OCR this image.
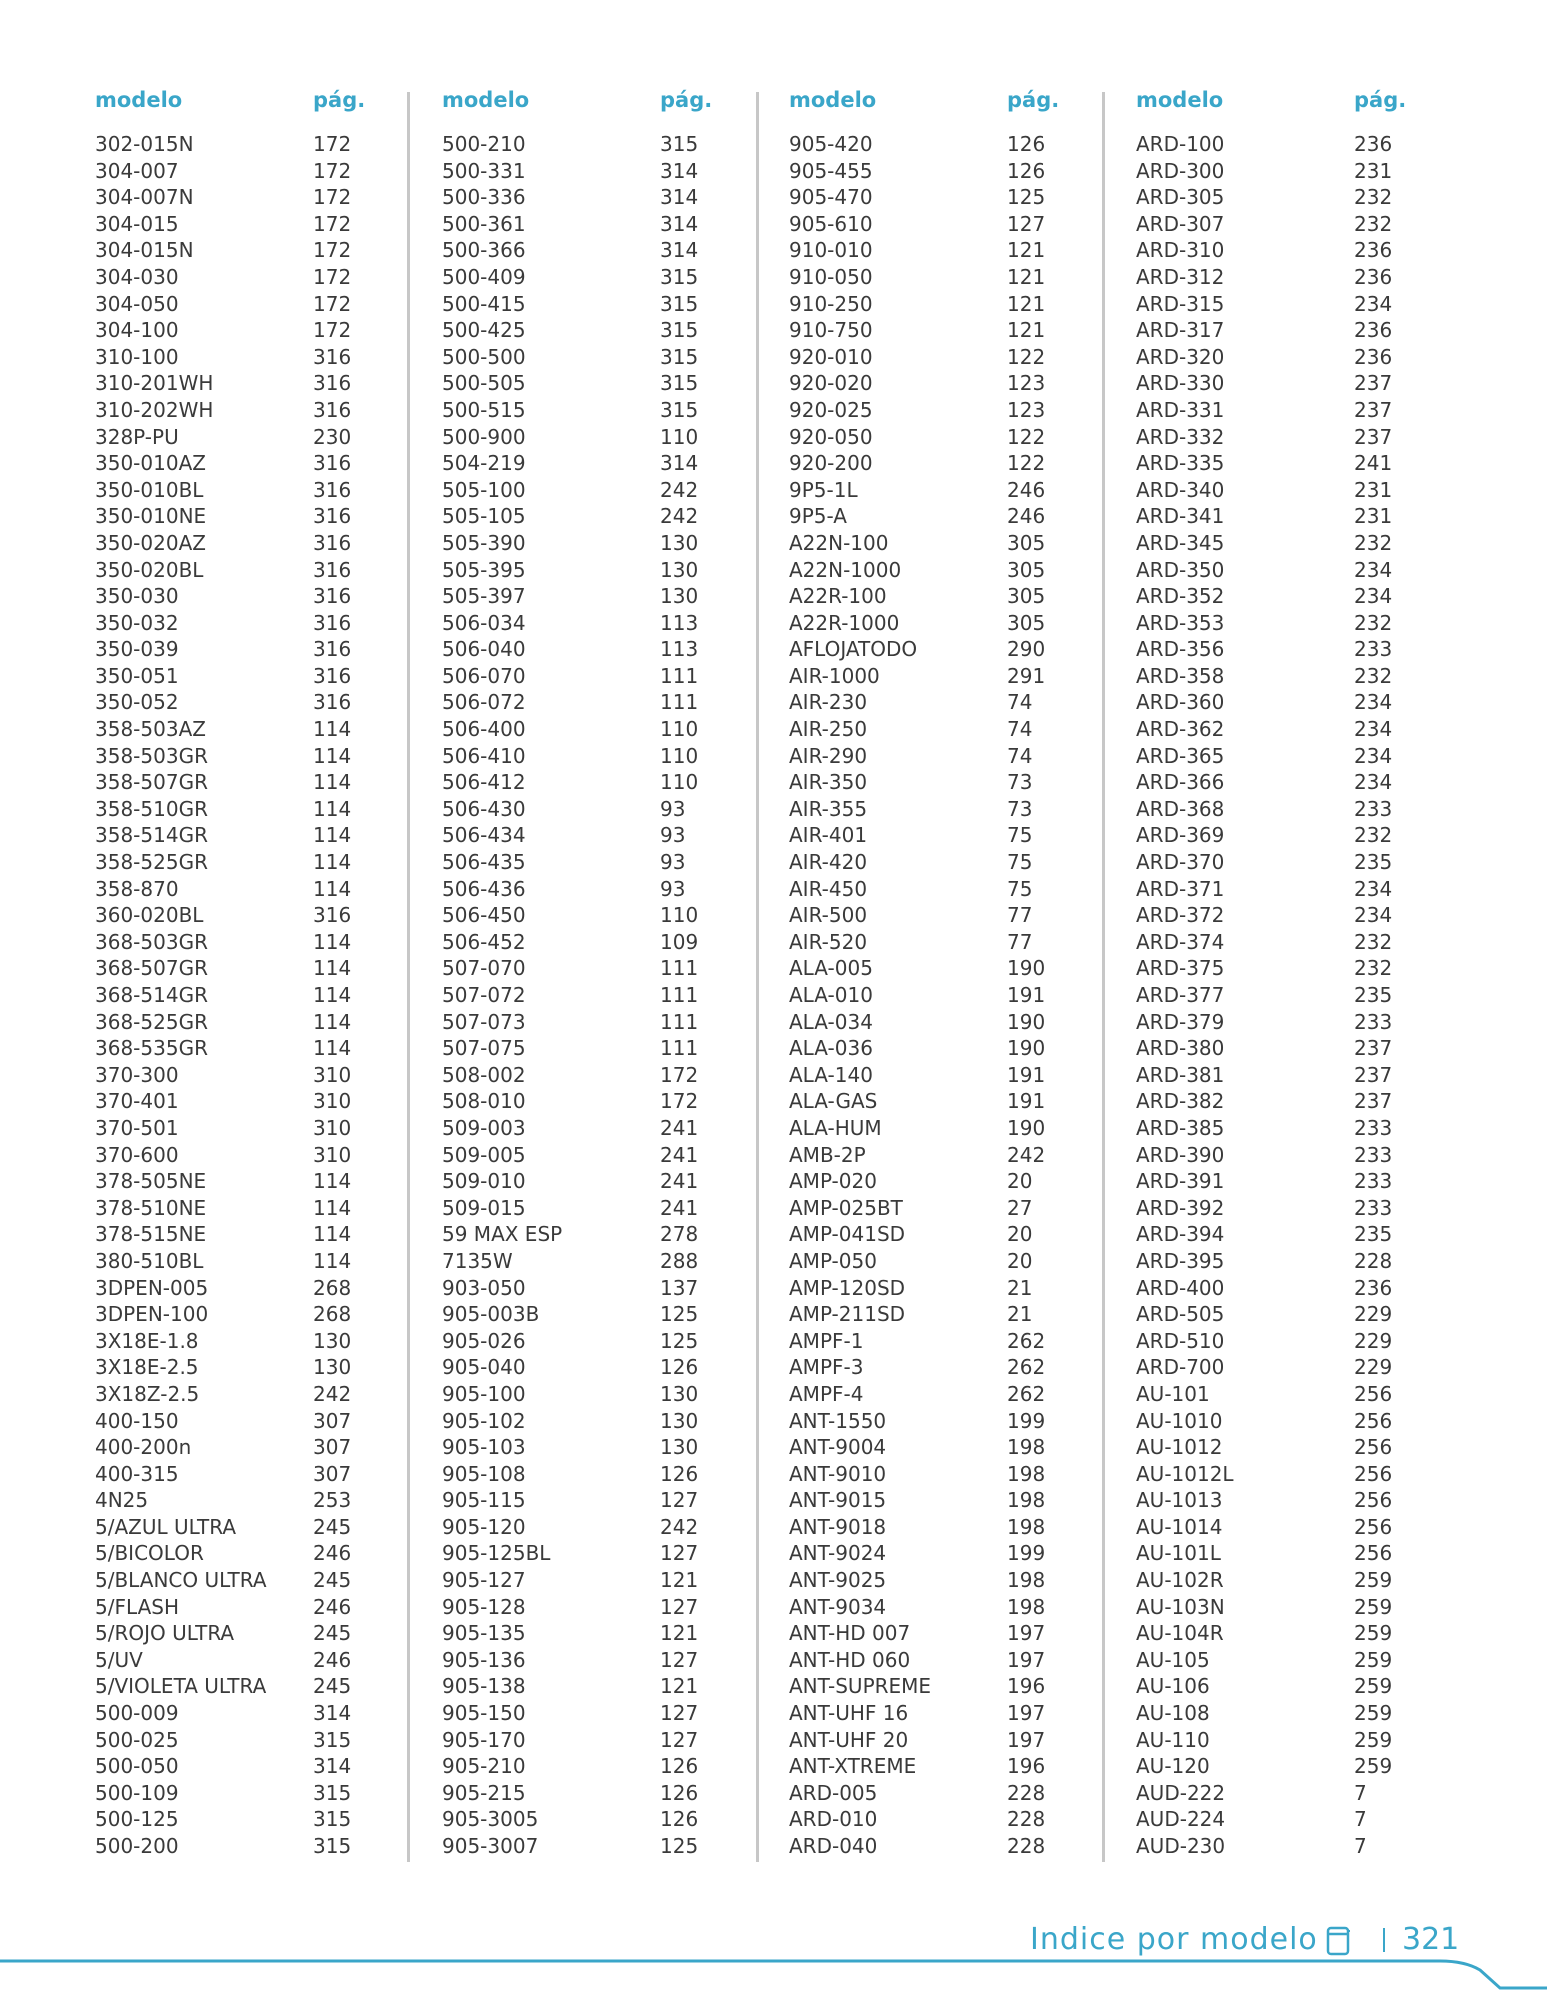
modelo	pág.
302-015N	172
304-007	172
304-007N	172
304-015	172
304-015N	172
304-030	172
304-050	172
304-100	172
310-100	316
310-201WH	316
310-202WH	316
328P-PU	230
350-010AZ	316
350-010BL	316
350-010NE	316
350-020AZ	316
350-020BL	316
350-030	316
350-032	316
350-039	316
350-051	316
350-052	316
358-503AZ	114
358-503GR	114
358-507GR	114
358-510GR	114
358-514GR	114
358-525GR	114
358-870	114
360-020BL	316
368-503GR	114
368-507GR	114
368-514GR	114
368-525GR	114
368-535GR	114
370-300	310
370-401	310
370-501	310
370-600	310
378-505NE	114
378-510NE	114
378-515NE	114
380-510BL	114
3DPEN-005	268
3DPEN-100	268
3X18E-1.8	130
3X18E-2.5	130
3X18Z-2.5	242
400-150	307
400-200n	307
400-315	307
4N25	253
5/AZUL ULTRA	245
5/BICOLOR	246
5/BLANCO ULTRA 245
5/FLASH	246
5/ROJO ULTRA	245
5/UV	246
5/VIOLETA ULTRA 245
500-009	314
500-025	315
500-050	314
500-109	315
500-125	315
500-200	315
modelo	pág.
500-210	315
500-331	314
500-336	314
500-361	314
500-366	314
500-409	315
500-415	315
500-425	315
500-500	315
500-505	315
500-515	315
500-900	110
504-219	314
505-100	242
505-105	242
505-390	130
505-395	130
505-397	130
506-034	113
506-040	113
506-070	111
506-072	111
506-400	110
506-410	110
506-412	110
506-430	93
506-434	93
506-435	93
506-436	93
506-450	110
506-452	109
507-070	111
507-072	111
507-073	111
507-075	111
508-002	172
508-010	172
509-003	241
509-005	241
509-010	241
509-015	241
59 MAX ESP	278
7135W	288
903-050	137
905-003B	125
905-026	125
905-040	126
905-100	130
905-102	130
905-103	130
905-108	126
905-115	127
905-120	242
905-125BL	127
905-127	121
905-128	127
905-135	121
905-136	127
905-138	121
905-150	127
905-170	127
905-210	126
905-215	126
905-3005	126
905-3007	125
modelo	pág.
905-420	126
905-455	126
905-470	125
905-610	127
910-010	121
910-050	121
910-250	121
910-750	121
920-010	122
920-020	123
920-025	123
920-050	122
920-200	122
9P5-1L	246
9P5-A	246
A22N-100	305
A22N-1000	305
A22R-100	305
A22R-1000	305
AFLOJATODO	290
AIR-1000	291
AIR-230	74
AIR-250	74
AIR-290	74
AIR-350	73
AIR-355	73
AIR-401	75
AIR-420	75
AIR-450	75
AIR-500	77
AIR-520	77
ALA-005	190
ALA-010	191
ALA-034	190
ALA-036	190
ALA-140	191
ALA-GAS	191
ALA-HUM	190
AMB-2P	242
AMP-020	20
AMP-025BT	27
AMP-041SD	20
AMP-050	20
AMP-120SD	21
AMP-211SD	21
AMPF-1	262
AMPF-3	262
AMPF-4	262
ANT-1550	199
ANT-9004	198
ANT-9010	198
ANT-9015	198
ANT-9018	198
ANT-9024	199
ANT-9025	198
ANT-9034	198
ANT-HD 007	197
ANT-HD 060	197
ANT-SUPREME	196
ANT-UHF 16	197
ANT-UHF 20	197
ANT-XTREME	196
ARD-005	228
ARD-010	228
ARD-040	228
modelo	pág.
ARD-100	236
ARD-300	231
ARD-305	232
ARD-307	232
ARD-310	236
ARD-312	236
ARD-315	234
ARD-317	236
ARD-320	236
ARD-330	237
ARD-331	237
ARD-332	237
ARD-335	241
ARD-340	231
ARD-341	231
ARD-345	232
ARD-350	234
ARD-352	234
ARD-353	232
ARD-356	233
ARD-358	232
ARD-360	234
ARD-362	234
ARD-365	234
ARD-366	234
ARD-368	233
ARD-369	232
ARD-370	235
ARD-371	234
ARD-372	234
ARD-374	232
ARD-375	232
ARD-377	235
ARD-379	233
ARD-380	237
ARD-381	237
ARD-382	237
ARD-385	233
ARD-390	233
ARD-391	233
ARD-392	233
ARD-394	235
ARD-395	228
ARD-400	236
ARD-505	229
ARD-510	229
ARD-700	229
AU-101	256
AU-1010	256
AU-1012	256
AU-1012L	256
AU-1013	256
AU-1014	256
AU-101L	256
AU-102R	259
AU-103N	259
AU-104R	259
AU-105	259
AU-106	259
AU-108	259
AU-110	259
AU-120	259
AUD-222	7
AUD-224	7
AUD-230	7
Indice por modelo	321
